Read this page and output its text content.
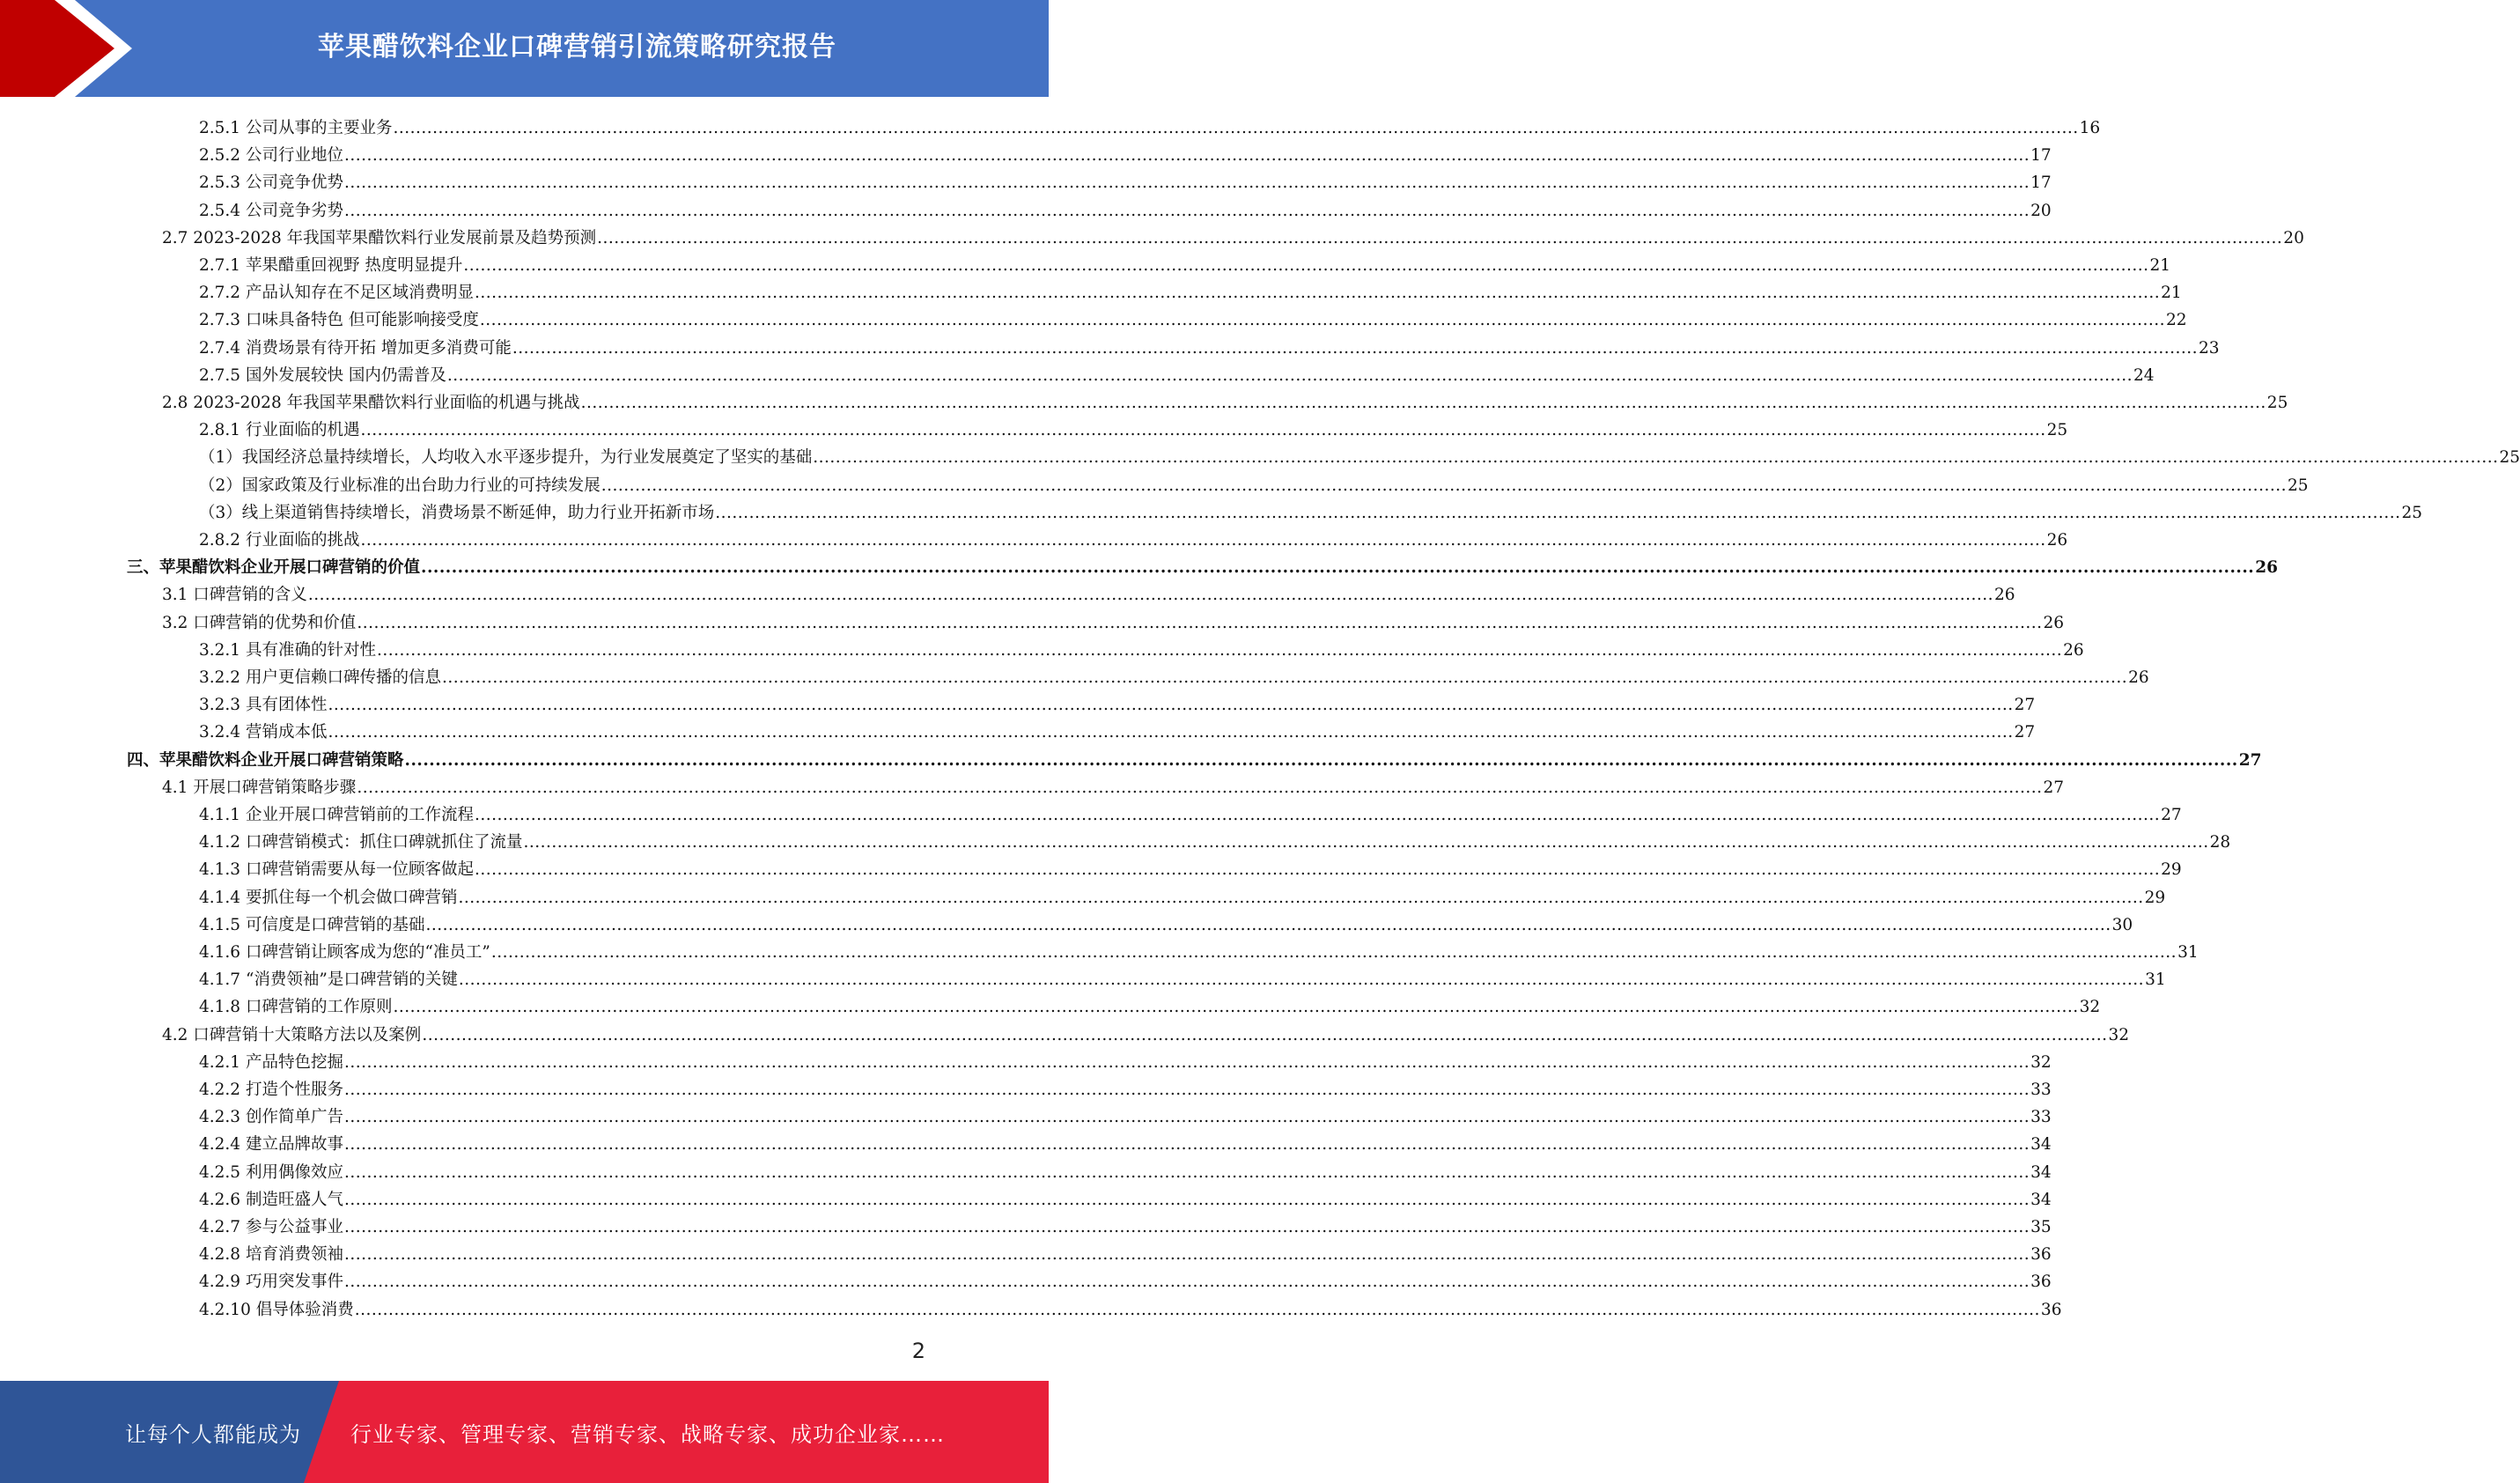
苹果醋饮料企业口碑营销引流策略研究报告
2.5.1 公司从事的主要业务 ............................................................................................................................................................................................................................................................................................................ 16
2.5.2 公司行业地位 ............................................................................................................................................................................................................................................................................................................ 17
2.5.3 公司竞争优势 ............................................................................................................................................................................................................................................................................................................ 17
2.5.4 公司竞争劣势 ............................................................................................................................................................................................................................................................................................................ 20
2.7 2023-2028 年我国苹果醋饮料行业发展前景及趋势预测 ............................................................................................................................................................................................................................................................................................................ 20
2.7.1 苹果醋重回视野 热度明显提升 ............................................................................................................................................................................................................................................................................................................ 21
2.7.2 产品认知存在不足区域消费明显 ............................................................................................................................................................................................................................................................................................................ 21
2.7.3 口味具备特色 但可能影响接受度 ............................................................................................................................................................................................................................................................................................................ 22
2.7.4 消费场景有待开拓 增加更多消费可能 ............................................................................................................................................................................................................................................................................................................ 23
2.7.5 国外发展较快 国内仍需普及 ............................................................................................................................................................................................................................................................................................................ 24
2.8 2023-2028 年我国苹果醋饮料行业面临的机遇与挑战 ............................................................................................................................................................................................................................................................................................................ 25
2.8.1 行业面临的机遇 ............................................................................................................................................................................................................................................................................................................ 25
（1）我国经济总量持续增长，人均收入水平逐步提升，为行业发展奠定了坚实的基础 ............................................................................................................................................................................................................................................................................................................ 25
（2）国家政策及行业标准的出台助力行业的可持续发展 ............................................................................................................................................................................................................................................................................................................ 25
（3）线上渠道销售持续增长，消费场景不断延伸，助力行业开拓新市场 ............................................................................................................................................................................................................................................................................................................ 25
2.8.2 行业面临的挑战 ............................................................................................................................................................................................................................................................................................................ 26
三、苹果醋饮料企业开展口碑营销的价值 ............................................................................................................................................................................................................................................................................................................ 26
3.1 口碑营销的含义 ............................................................................................................................................................................................................................................................................................................ 26
3.2 口碑营销的优势和价值 ............................................................................................................................................................................................................................................................................................................ 26
3.2.1 具有准确的针对性 ............................................................................................................................................................................................................................................................................................................ 26
3.2.2 用户更信赖口碑传播的信息 ............................................................................................................................................................................................................................................................................................................ 26
3.2.3 具有团体性 ............................................................................................................................................................................................................................................................................................................ 27
3.2.4 营销成本低 ............................................................................................................................................................................................................................................................................................................ 27
四、苹果醋饮料企业开展口碑营销策略 ............................................................................................................................................................................................................................................................................................................ 27
4.1 开展口碑营销策略步骤 ............................................................................................................................................................................................................................................................................................................ 27
4.1.1 企业开展口碑营销前的工作流程 ............................................................................................................................................................................................................................................................................................................ 27
4.1.2 口碑营销模式：抓住口碑就抓住了流量 ............................................................................................................................................................................................................................................................................................................ 28
4.1.3 口碑营销需要从每一位顾客做起 ............................................................................................................................................................................................................................................................................................................ 29
4.1.4 要抓住每一个机会做口碑营销 ............................................................................................................................................................................................................................................................................................................ 29
4.1.5 可信度是口碑营销的基础 ............................................................................................................................................................................................................................................................................................................ 30
4.1.6 口碑营销让顾客成为您的“准员工” ............................................................................................................................................................................................................................................................................................................ 31
4.1.7 “消费领袖”是口碑营销的关键 ............................................................................................................................................................................................................................................................................................................ 31
4.1.8 口碑营销的工作原则 ............................................................................................................................................................................................................................................................................................................ 32
4.2 口碑营销十大策略方法以及案例 ............................................................................................................................................................................................................................................................................................................ 32
4.2.1 产品特色挖掘 ............................................................................................................................................................................................................................................................................................................ 32
4.2.2 打造个性服务 ............................................................................................................................................................................................................................................................................................................ 33
4.2.3 创作简单广告 ............................................................................................................................................................................................................................................................................................................ 33
4.2.4 建立品牌故事 ............................................................................................................................................................................................................................................................................................................ 34
4.2.5 利用偶像效应 ............................................................................................................................................................................................................................................................................................................ 34
4.2.6 制造旺盛人气 ............................................................................................................................................................................................................................................................................................................ 34
4.2.7 参与公益事业 ............................................................................................................................................................................................................................................................................................................ 35
4.2.8 培育消费领袖 ............................................................................................................................................................................................................................................................................................................ 36
4.2.9 巧用突发事件 ............................................................................................................................................................................................................................................................................................................ 36
4.2.10 倡导体验消费 ............................................................................................................................................................................................................................................................................................................ 36
2
让每个人都能成为 行业专家、管理专家、营销专家、战略专家、成功企业家……
